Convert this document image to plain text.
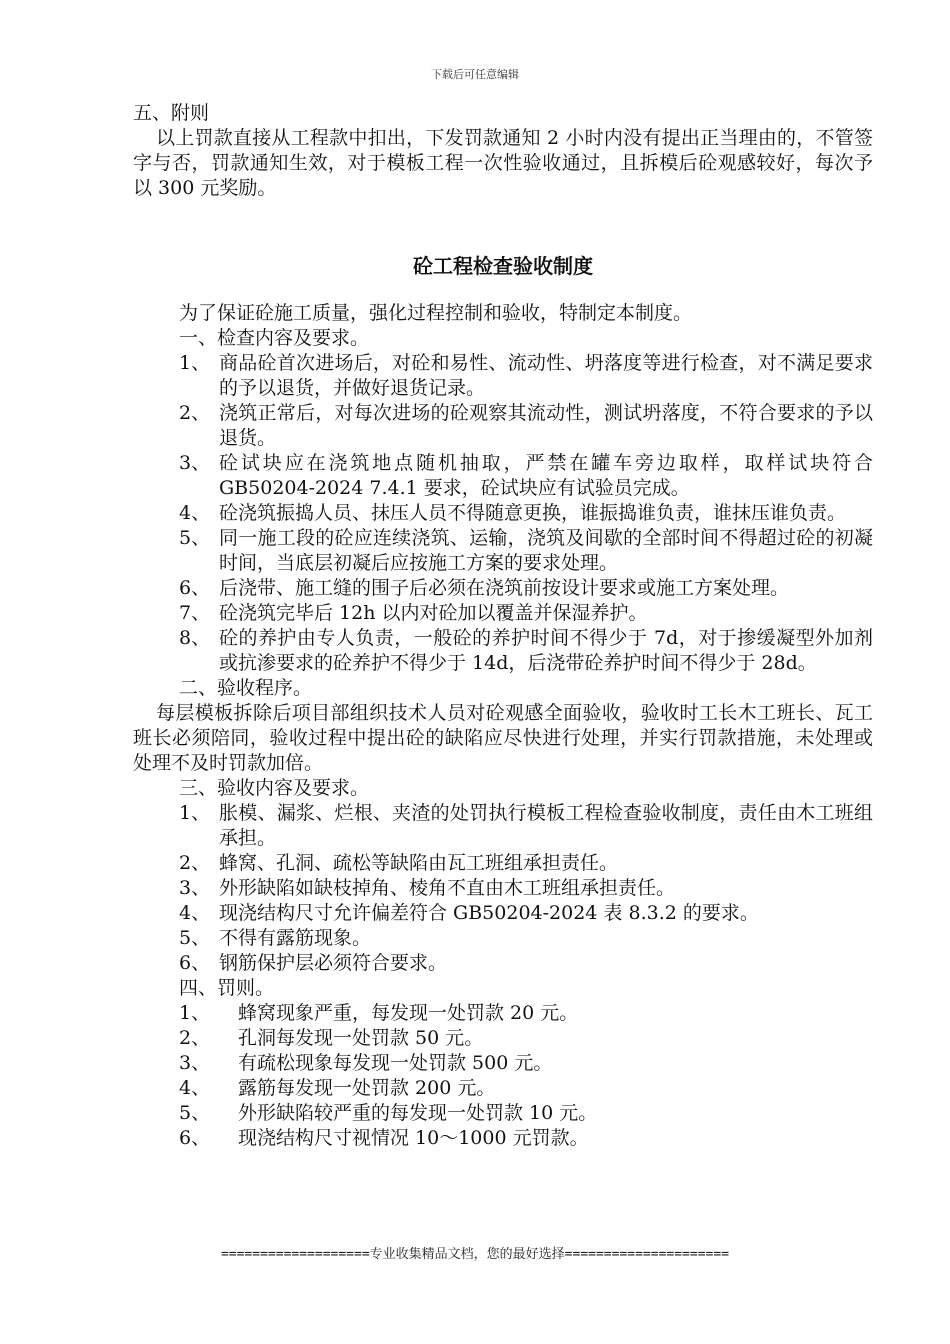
下载后可任意编辑

五、附则

以上罚款直接从工程款中扣出，下发罚款通知 2 小时内没有提出正当理由的，不管签字与否，罚款通知生效，对于模板工程一次性验收通过，且拆模后砼观感较好，每次予以 300 元奖励。

砼工程检查验收制度

为了保证砼施工质量，强化过程控制和验收，特制定本制度。

一、检查内容及要求。

1、 商品砼首次进场后，对砼和易性、流动性、坍落度等进行检查，对不满足要求的予以退货，并做好退货记录。
2、 浇筑正常后，对每次进场的砼观察其流动性，测试坍落度，不符合要求的予以退货。
3、 砼试块应在浇筑地点随机抽取，严禁在罐车旁边取样，取样试块符合 GB50204-2024 7.4.1 要求，砼试块应有试验员完成。
4、 砼浇筑振捣人员、抹压人员不得随意更换，谁振捣谁负责，谁抹压谁负责。
5、 同一施工段的砼应连续浇筑、运输，浇筑及间歇的全部时间不得超过砼的初凝时间，当底层初凝后应按施工方案的要求处理。
6、 后浇带、施工缝的围子后必须在浇筑前按设计要求或施工方案处理。
7、 砼浇筑完毕后 12h 以内对砼加以覆盖并保湿养护。
8、 砼的养护由专人负责，一般砼的养护时间不得少于 7d，对于掺缓凝型外加剂或抗渗要求的砼养护不得少于 14d，后浇带砼养护时间不得少于 28d。

二、验收程序。

每层模板拆除后项目部组织技术人员对砼观感全面验收，验收时工长木工班长、瓦工班长必须陪同，验收过程中提出砼的缺陷应尽快进行处理，并实行罚款措施，未处理或处理不及时罚款加倍。

三、验收内容及要求。

1、 胀模、漏浆、烂根、夹渣的处罚执行模板工程检查验收制度，责任由木工班组承担。
2、 蜂窝、孔洞、疏松等缺陷由瓦工班组承担责任。
3、 外形缺陷如缺枝掉角、棱角不直由木工班组承担责任。
4、 现浇结构尺寸允许偏差符合 GB50204-2024 表 8.3.2 的要求。
5、 不得有露筋现象。
6、 钢筋保护层必须符合要求。

四、罚则。

1、	蜂窝现象严重，每发现一处罚款 20 元。
2、	孔洞每发现一处罚款 50 元。
3、	有疏松现象每发现一处罚款 500 元。
4、	露筋每发现一处罚款 200 元。
5、	外形缺陷较严重的每发现一处罚款 10 元。
6、	现浇结构尺寸视情况 10～1000 元罚款。
===================专业收集精品文档，您的最好选择=====================
